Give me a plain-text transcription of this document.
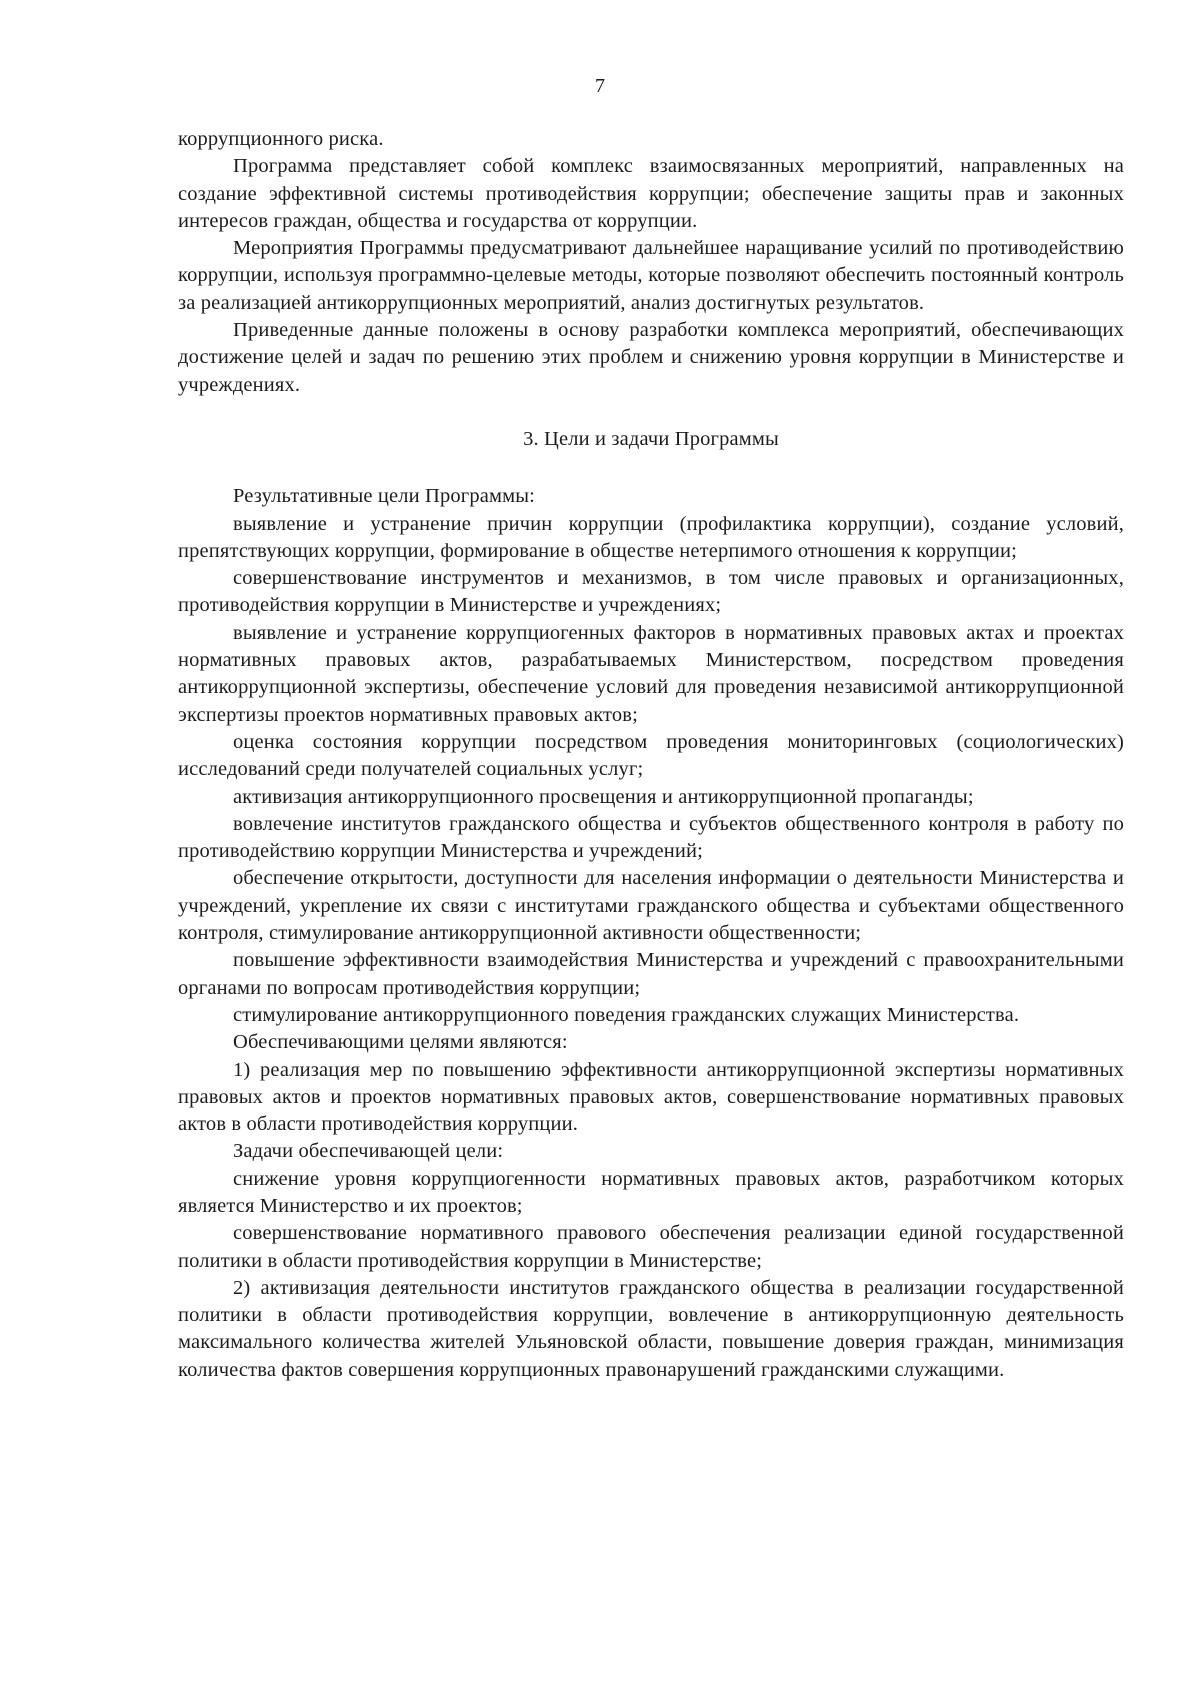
7

коррупционного риска.

Программа представляет собой комплекс взаимосвязанных мероприятий, направленных на создание эффективной системы противодействия коррупции; обеспечение защиты прав и законных интересов граждан, общества и государства от коррупции.

Мероприятия Программы предусматривают дальнейшее наращивание усилий по противодействию коррупции, используя программно-целевые методы, которые позволяют обеспечить постоянный контроль за реализацией антикоррупционных мероприятий, анализ достигнутых результатов.

Приведенные данные положены в основу разработки комплекса мероприятий, обеспечивающих достижение целей и задач по решению этих проблем и снижению уровня коррупции в Министерстве и учреждениях.

3. Цели и задачи Программы

Результативные цели Программы:

выявление и устранение причин коррупции (профилактика коррупции), создание условий, препятствующих коррупции, формирование в обществе нетерпимого отношения к коррупции;

совершенствование инструментов и механизмов, в том числе правовых и организационных, противодействия коррупции в Министерстве и учреждениях;

выявление и устранение коррупциогенных факторов в нормативных правовых актах и проектах нормативных правовых актов, разрабатываемых Министерством, посредством проведения антикоррупционной экспертизы, обеспечение условий для проведения независимой антикоррупционной экспертизы проектов нормативных правовых актов;

оценка состояния коррупции посредством проведения мониторинговых (социологических) исследований среди получателей социальных услуг;

активизация антикоррупционного просвещения и антикоррупционной пропаганды;

вовлечение институтов гражданского общества и субъектов общественного контроля в работу по противодействию коррупции Министерства и учреждений;

обеспечение открытости, доступности для населения информации о деятельности Министерства и учреждений, укрепление их связи с институтами гражданского общества и субъектами общественного контроля, стимулирование антикоррупционной активности общественности;

повышение эффективности взаимодействия Министерства и учреждений с правоохранительными органами по вопросам противодействия коррупции;

стимулирование антикоррупционного поведения гражданских служащих Министерства.

Обеспечивающими целями являются:

1) реализация мер по повышению эффективности антикоррупционной экспертизы нормативных правовых актов и проектов нормативных правовых актов, совершенствование нормативных правовых актов в области противодействия коррупции.

Задачи обеспечивающей цели:

снижение уровня коррупциогенности нормативных правовых актов, разработчиком которых является Министерство и их проектов;

совершенствование нормативного правового обеспечения реализации единой государственной политики в области противодействия коррупции в Министерстве;

2) активизация деятельности институтов гражданского общества в реализации государственной политики в области противодействия коррупции, вовлечение в антикоррупционную деятельность максимального количества жителей Ульяновской области, повышение доверия граждан, минимизация количества фактов совершения коррупционных правонарушений гражданскими служащими.
